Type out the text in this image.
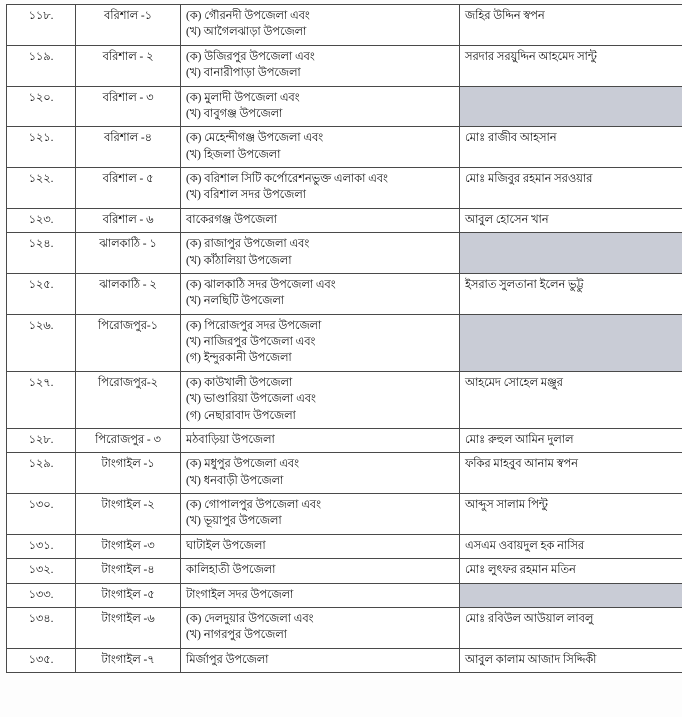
১১৮.	বরিশাল -১	(ক) গৌরনদী উপজেলা এবং
(খ) আগৈলঝাড়া উপজেলা	জহির উদ্দিন স্বপন
১১৯.	বরিশাল - ২	(ক) উজিরপুর উপজেলা এবং
(খ) বানারীপাড়া উপজেলা	সরদার সরয়ুদ্দিন আহমেদ সান্টু
১২০.	বরিশাল - ৩	(ক) মুলাদী উপজেলা এবং
(খ) বাবুগঞ্জ উপজেলা	

১২১.	বরিশাল -৪	(ক) মেহেন্দীগঞ্জ উপজেলা এবং
(খ) হিজলা উপজেলা	মোঃ রাজীব আহসান
১২২.	বরিশাল - ৫	(ক) বরিশাল সিটি কর্পোরেশনভুক্ত এলাকা এবং
(খ) বরিশাল সদর উপজেলা	মোঃ মজিবুর রহমান সরওয়ার
১২৩.	বরিশাল - ৬	বাকেরগঞ্জ উপজেলা	আবুল হোসেন খান
১২৪.	ঝালকাঠি - ১	(ক) রাজাপুর উপজেলা এবং
(খ) কাঁঠালিয়া উপজেলা	

১২৫.	ঝালকাঠি - ২	(ক) ঝালকাঠি সদর উপজেলা এবং
(খ) নলছিটি উপজেলা	ইসরাত সুলতানা ইলেন ভুট্টু
১২৬.	পিরোজপুর-১	(ক) পিরোজপুর সদর উপজেলা
(খ) নাজিরপুর উপজেলা এবং
(গ) ইন্দুরকানী উপজেলা	

১২৭.	পিরোজপুর-২	(ক) কাউখালী উপজেলা
(খ) ভাণ্ডারিয়া উপজেলা এবং
(গ) নেছারাবাদ উপজেলা	আহমেদ সোহেল মঞ্জুর
১২৮.	পিরোজপুর - ৩	মঠবাড়িয়া উপজেলা	মোঃ রুহুল আমিন দুলাল
১২৯.	টাংগাইল -১	(ক) মধুপুর উপজেলা এবং
(খ) ধনবাড়ী উপজেলা	ফকির মাহবুব আনাম স্বপন
১৩০.	টাংগাইল -২	(ক) গোপালপুর উপজেলা এবং
(খ) ভূয়াপুর উপজেলা	আব্দুস সালাম পিন্টু
১৩১.	টাংগাইল -৩	ঘাটাইল উপজেলা	এসএম ওবায়দুল হক নাসির
১৩২.	টাংগাইল -৪	কালিহাতী উপজেলা	মোঃ লুৎফর রহমান মতিন
১৩৩.	টাংগাইল -৫	টাংগাইল সদর উপজেলা	

১৩৪.	টাংগাইল -৬	(ক) দেলদুয়ার উপজেলা এবং
(খ) নাগরপুর উপজেলা	মোঃ রবিউল আউয়াল লাবলু
১৩৫.	টাংগাইল -৭	মির্জাপুর উপজেলা	আবুল কালাম আজাদ সিদ্দিকী
